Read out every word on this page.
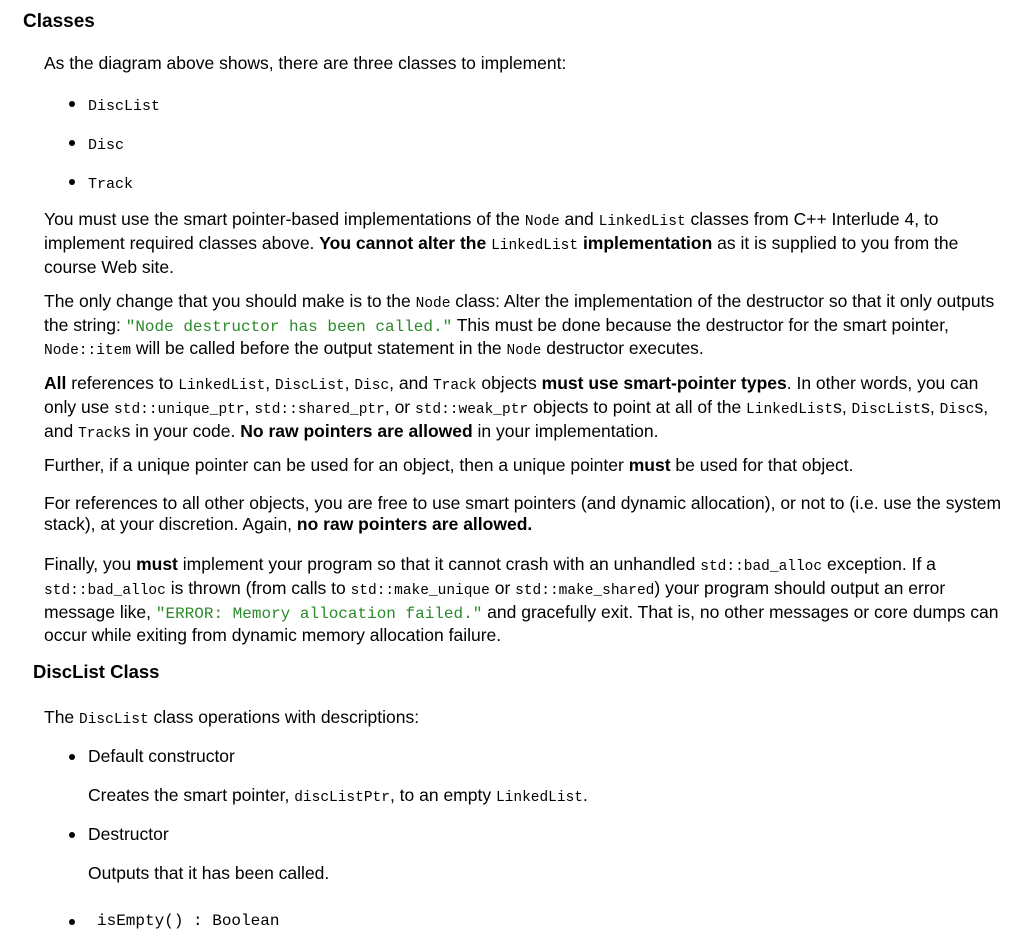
Classes

As the diagram above shows, there are three classes to implement:

DiscList
Disc
Track

You must use the smart pointer-based implementations of the Node and LinkedList classes from C++ Interlude 4, to implement required classes above. You cannot alter the LinkedList implementation as it is supplied to you from the course Web site.

The only change that you should make is to the Node class: Alter the implementation of the destructor so that it only outputs the string: "Node destructor has been called." This must be done because the destructor for the smart pointer, Node::item will be called before the output statement in the Node destructor executes.

All references to LinkedList, DiscList, Disc, and Track objects must use smart-pointer types. In other words, you can only use std::unique_ptr, std::shared_ptr, or std::weak_ptr objects to point at all of the LinkedLists, DiscLists, Discs, and Tracks in your code. No raw pointers are allowed in your implementation.

Further, if a unique pointer can be used for an object, then a unique pointer must be used for that object.

For references to all other objects, you are free to use smart pointers (and dynamic allocation), or not to (i.e. use the system stack), at your discretion. Again, no raw pointers are allowed.

Finally, you must implement your program so that it cannot crash with an unhandled std::bad_alloc exception. If a std::bad_alloc is thrown (from calls to std::make_unique or std::make_shared) your program should output an error message like, "ERROR: Memory allocation failed." and gracefully exit. That is, no other messages or core dumps can occur while exiting from dynamic memory allocation failure.

DiscList Class

The DiscList class operations with descriptions:

Default constructor

Creates the smart pointer, discListPtr, to an empty LinkedList.

Destructor

Outputs that it has been called.

isEmpty() : Boolean
